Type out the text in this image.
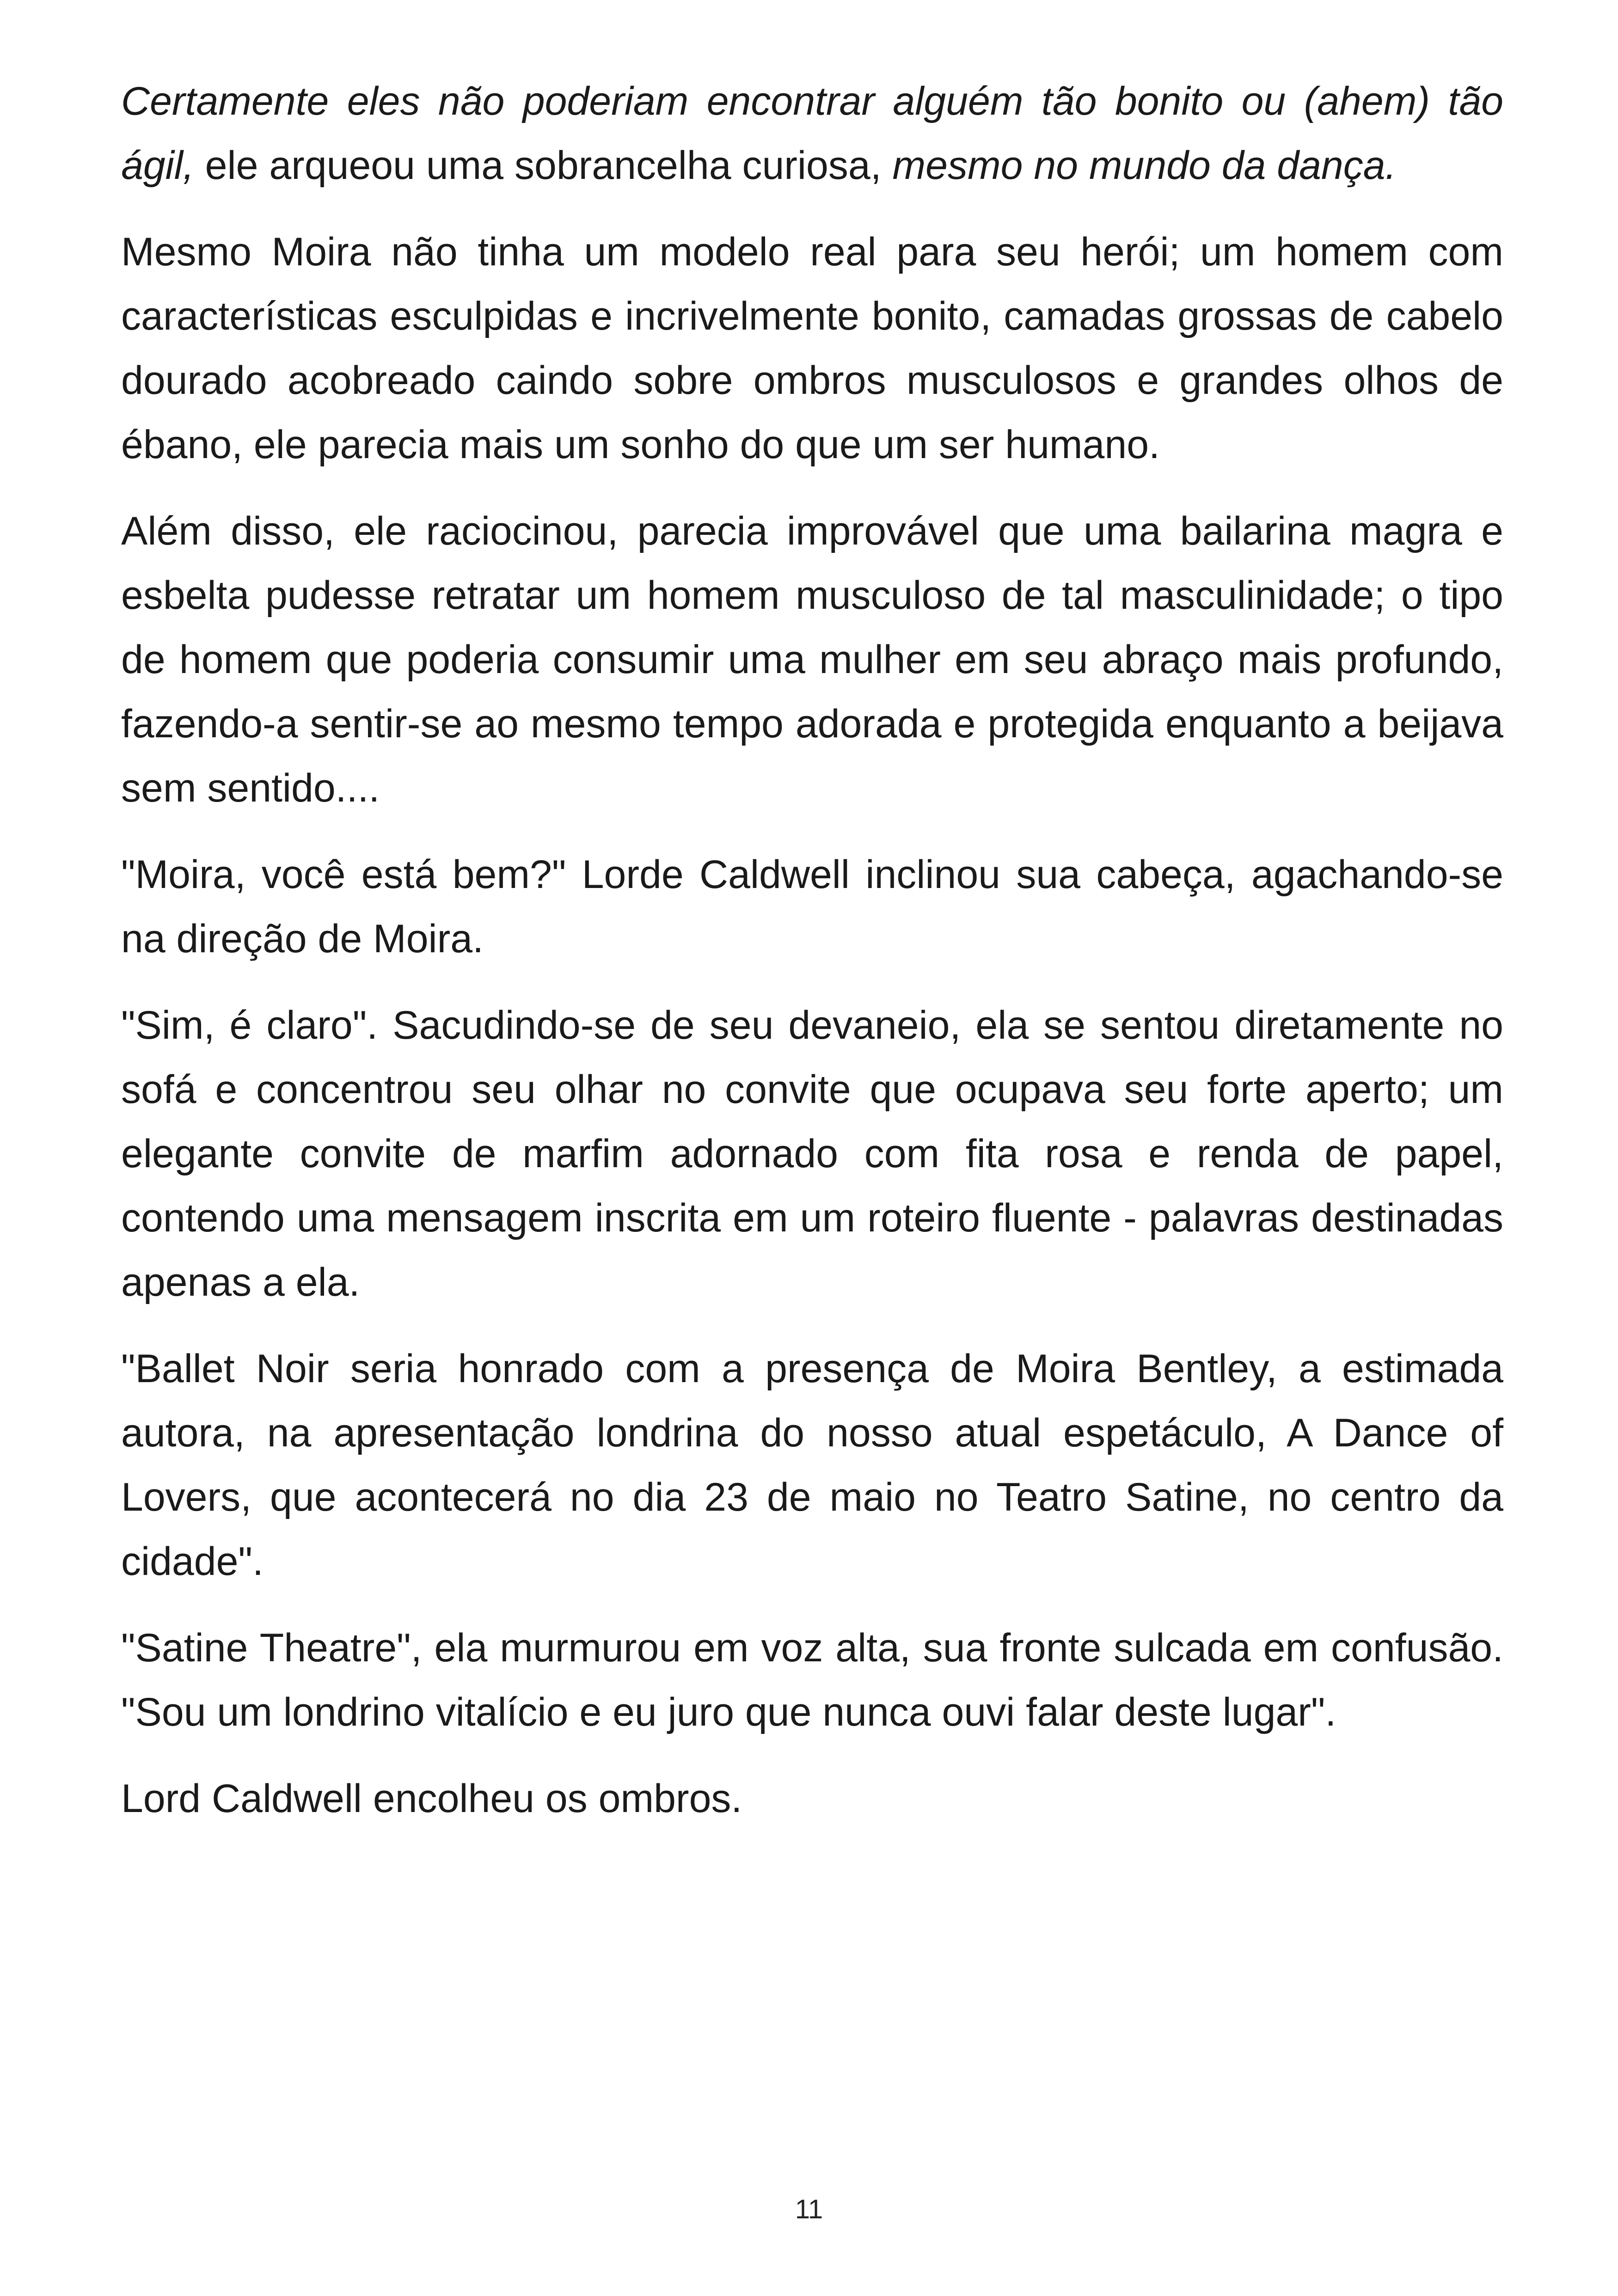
Certamente eles não poderiam encontrar alguém tão bonito ou (ahem) tão ágil, ele arqueou uma sobrancelha curiosa, mesmo no mundo da dança.

Mesmo Moira não tinha um modelo real para seu herói; um homem com características esculpidas e incrivelmente bonito, camadas grossas de cabelo dourado acobreado caindo sobre ombros musculosos e grandes olhos de ébano, ele parecia mais um sonho do que um ser humano.

Além disso, ele raciocinou, parecia improvável que uma bailarina magra e esbelta pudesse retratar um homem musculoso de tal masculinidade; o tipo de homem que poderia consumir uma mulher em seu abraço mais profundo, fazendo-a sentir-se ao mesmo tempo adorada e protegida enquanto a beijava sem sentido....

"Moira, você está bem?" Lorde Caldwell inclinou sua cabeça, agachando-se na direção de Moira.

"Sim, é claro". Sacudindo-se de seu devaneio, ela se sentou diretamente no sofá e concentrou seu olhar no convite que ocupava seu forte aperto; um elegante convite de marfim adornado com fita rosa e renda de papel, contendo uma mensagem inscrita em um roteiro fluente - palavras destinadas apenas a ela.

"Ballet Noir seria honrado com a presença de Moira Bentley, a estimada autora, na apresentação londrina do nosso atual espetáculo, A Dance of Lovers, que acontecerá no dia 23 de maio no Teatro Satine, no centro da cidade".

"Satine Theatre", ela murmurou em voz alta, sua fronte sulcada em confusão. "Sou um londrino vitalício e eu juro que nunca ouvi falar deste lugar".

Lord Caldwell encolheu os ombros.

11
